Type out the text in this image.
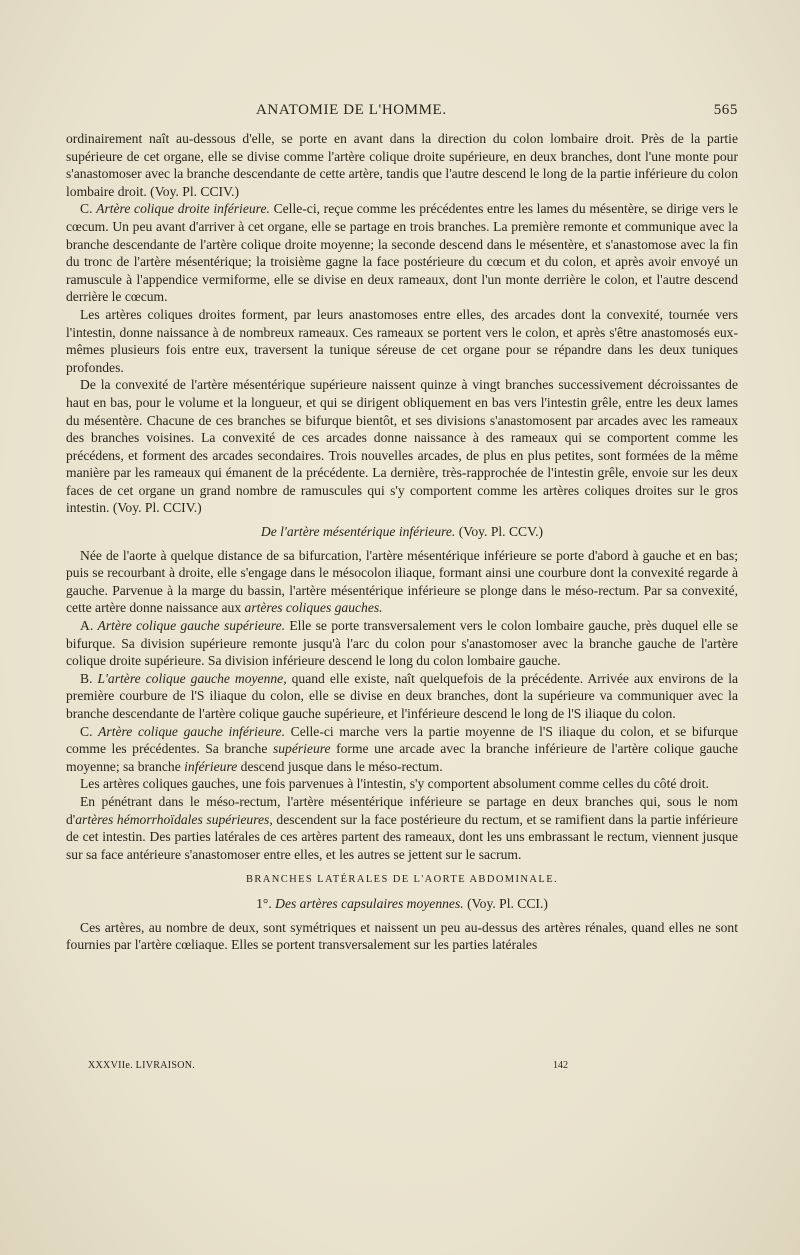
ANATOMIE DE L'HOMME.	565

ordinairement naît au-dessous d'elle, se porte en avant dans la direction du colon lombaire droit. Près de la partie supérieure de cet organe, elle se divise comme l'artère colique droite supérieure, en deux branches, dont l'une monte pour s'anastomoser avec la branche descendante de cette artère, tandis que l'autre descend le long de la partie inférieure du colon lombaire droit. (Voy. Pl. CCIV.)

C. Artère colique droite inférieure. Celle-ci, reçue comme les précédentes entre les lames du mésentère, se dirige vers le cœcum. Un peu avant d'arriver à cet organe, elle se partage en trois branches. La première remonte et communique avec la branche descendante de l'artère colique droite moyenne; la seconde descend dans le mésentère, et s'anastomose avec la fin du tronc de l'artère mésentérique; la troisième gagne la face postérieure du cœcum et du colon, et après avoir envoyé un ramuscule à l'appendice vermiforme, elle se divise en deux rameaux, dont l'un monte derrière le colon, et l'autre descend derrière le cœcum.

Les artères coliques droites forment, par leurs anastomoses entre elles, des arcades dont la convexité, tournée vers l'intestin, donne naissance à de nombreux rameaux. Ces rameaux se portent vers le colon, et après s'être anastomosés eux-mêmes plusieurs fois entre eux, traversent la tunique séreuse de cet organe pour se répandre dans les deux tuniques profondes.

De la convexité de l'artère mésentérique supérieure naissent quinze à vingt branches successivement décroissantes de haut en bas, pour le volume et la longueur, et qui se dirigent obliquement en bas vers l'intestin grêle, entre les deux lames du mésentère. Chacune de ces branches se bifurque bientôt, et ses divisions s'anastomosent par arcades avec les rameaux des branches voisines. La convexité de ces arcades donne naissance à des rameaux qui se comportent comme les précédens, et forment des arcades secondaires. Trois nouvelles arcades, de plus en plus petites, sont formées de la même manière par les rameaux qui émanent de la précédente. La dernière, très-rapprochée de l'intestin grêle, envoie sur les deux faces de cet organe un grand nombre de ramuscules qui s'y comportent comme les artères coliques droites sur le gros intestin. (Voy. Pl. CCIV.)

De l'artère mésentérique inférieure. (Voy. Pl. CCV.)

Née de l'aorte à quelque distance de sa bifurcation, l'artère mésentérique inférieure se porte d'abord à gauche et en bas; puis se recourbant à droite, elle s'engage dans le mésocolon iliaque, formant ainsi une courbure dont la convexité regarde à gauche. Parvenue à la marge du bassin, l'artère mésentérique inférieure se plonge dans le méso-rectum. Par sa convexité, cette artère donne naissance aux artères coliques gauches.

A. Artère colique gauche supérieure. Elle se porte transversalement vers le colon lombaire gauche, près duquel elle se bifurque. Sa division supérieure remonte jusqu'à l'arc du colon pour s'anastomoser avec la branche gauche de l'artère colique droite supérieure. Sa division inférieure descend le long du colon lombaire gauche.

B. L'artère colique gauche moyenne, quand elle existe, naît quelquefois de la précédente. Arrivée aux environs de la première courbure de l'S iliaque du colon, elle se divise en deux branches, dont la supérieure va communiquer avec la branche descendante de l'artère colique gauche supérieure, et l'inférieure descend le long de l'S iliaque du colon.

C. Artère colique gauche inférieure. Celle-ci marche vers la partie moyenne de l'S iliaque du colon, et se bifurque comme les précédentes. Sa branche supérieure forme une arcade avec la branche inférieure de l'artère colique gauche moyenne; sa branche inférieure descend jusque dans le méso-rectum.

Les artères coliques gauches, une fois parvenues à l'intestin, s'y comportent absolument comme celles du côté droit.

En pénétrant dans le méso-rectum, l'artère mésentérique inférieure se partage en deux branches qui, sous le nom d'artères hémorrhoïdales supérieures, descendent sur la face postérieure du rectum, et se ramifient dans la partie inférieure de cet intestin. Des parties latérales de ces artères partent des rameaux, dont les uns embrassant le rectum, viennent jusque sur sa face antérieure s'anastomoser entre elles, et les autres se jettent sur le sacrum.

BRANCHES LATÉRALES DE L'AORTE ABDOMINALE.

1°. Des artères capsulaires moyennes. (Voy. Pl. CCI.)

Ces artères, au nombre de deux, sont symétriques et naissent un peu au-dessus des artères rénales, quand elles ne sont fournies par l'artère cœliaque. Elles se portent transversalement sur les parties latérales

XXXVIIe. LIVRAISON.	142
